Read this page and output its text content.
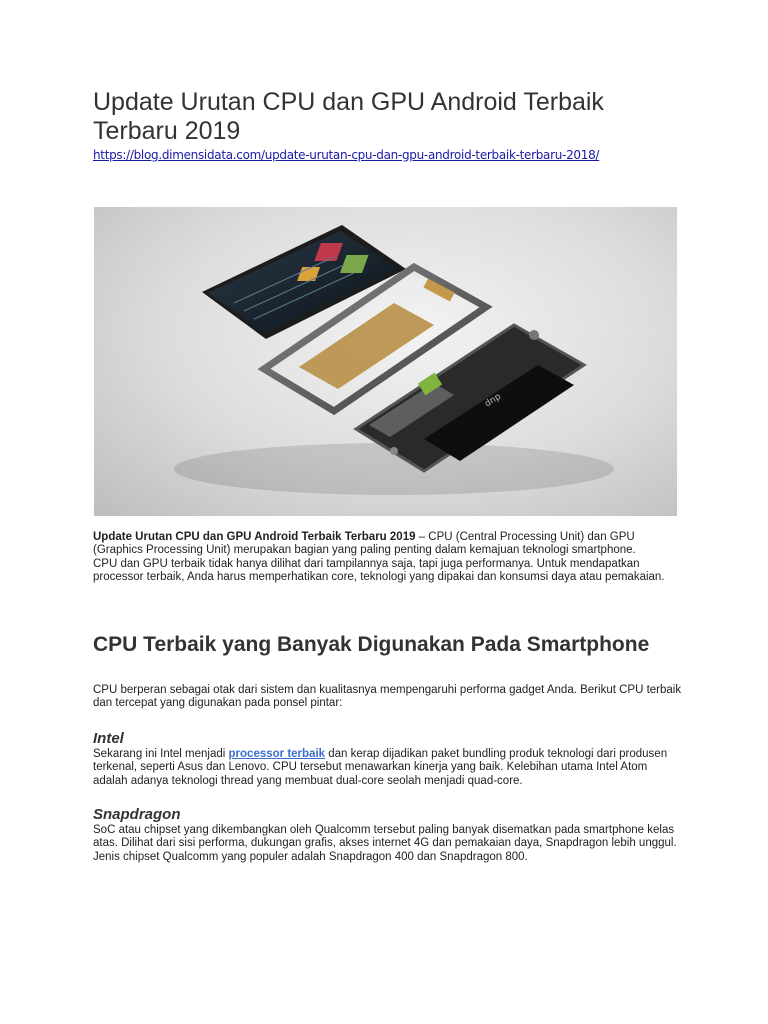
Update Urutan CPU dan GPU Android Terbaik Terbaru 2019
https://blog.dimensidata.com/update-urutan-cpu-dan-gpu-android-terbaik-terbaru-2018/
dnp
Update Urutan CPU dan GPU Android Terbaik Terbaru 2019 – CPU (Central Processing Unit) dan GPU (Graphics Processing Unit) merupakan bagian yang paling penting dalam kemajuan teknologi smartphone.
CPU dan GPU terbaik tidak hanya dilihat dari tampilannya saja, tapi juga performanya. Untuk mendapatkan processor terbaik, Anda harus memperhatikan core, teknologi yang dipakai dan konsumsi daya atau pemakaian.
CPU Terbaik yang Banyak Digunakan Pada Smartphone
CPU berperan sebagai otak dari sistem dan kualitasnya mempengaruhi performa gadget Anda. Berikut CPU terbaik dan tercepat yang digunakan pada ponsel pintar:
Intel
Sekarang ini Intel menjadi processor terbaik dan kerap dijadikan paket bundling produk teknologi dari produsen terkenal, seperti Asus dan Lenovo. CPU tersebut menawarkan kinerja yang baik. Kelebihan utama Intel Atom adalah adanya teknologi thread yang membuat dual-core seolah menjadi quad-core.
Snapdragon
SoC atau chipset yang dikembangkan oleh Qualcomm tersebut paling banyak disematkan pada smartphone kelas atas. Dilihat dari sisi performa, dukungan grafis, akses internet 4G dan pemakaian daya, Snapdragon lebih unggul. Jenis chipset Qualcomm yang populer adalah Snapdragon 400 dan Snapdragon 800.
